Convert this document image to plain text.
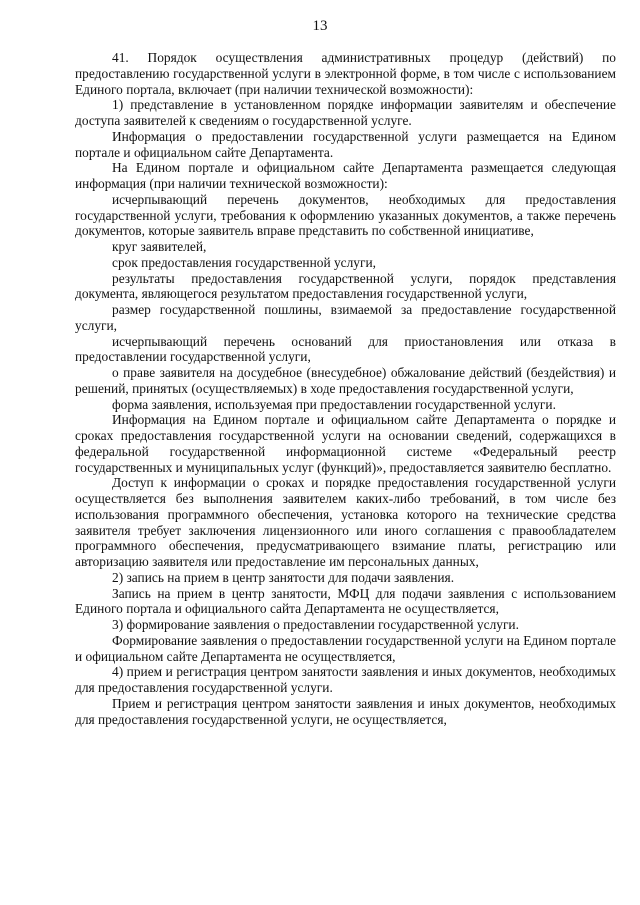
13

41. Порядок осуществления административных процедур (действий) по предоставлению государственной услуги в электронной форме, в том числе с использованием Единого портала, включает (при наличии технической возможности):

1) представление в установленном порядке информации заявителям и обеспечение доступа заявителей к сведениям о государственной услуге.

Информация о предоставлении государственной услуги размещается на Едином портале и официальном сайте Департамента.

На Едином портале и официальном сайте Департамента размещается следующая информация (при наличии технической возможности):

исчерпывающий перечень документов, необходимых для предоставления государственной услуги, требования к оформлению указанных документов, а также перечень документов, которые заявитель вправе представить по собственной инициативе,

круг заявителей,

срок предоставления государственной услуги,

результаты предоставления государственной услуги, порядок представления документа, являющегося результатом предоставления государственной услуги,

размер государственной пошлины, взимаемой за предоставление государственной услуги,

исчерпывающий перечень оснований для приостановления или отказа в предоставлении государственной услуги,

о праве заявителя на досудебное (внесудебное) обжалование действий (бездействия) и решений, принятых (осуществляемых) в ходе предоставления государственной услуги,

форма заявления, используемая при предоставлении государственной услуги.

Информация на Едином портале и официальном сайте Департамента о порядке и сроках предоставления государственной услуги на основании сведений, содержащихся в федеральной государственной информационной системе «Федеральный реестр государственных и муниципальных услуг (функций)», предоставляется заявителю бесплатно.

Доступ к информации о сроках и порядке предоставления государственной услуги осуществляется без выполнения заявителем каких-либо требований, в том числе без использования программного обеспечения, установка которого на технические средства заявителя требует заключения лицензионного или иного соглашения с правообладателем программного обеспечения, предусматривающего взимание платы, регистрацию или авторизацию заявителя или предоставление им персональных данных,

2) запись на прием в центр занятости для подачи заявления.

Запись на прием в центр занятости, МФЦ для подачи заявления с использованием Единого портала и официального сайта Департамента не осуществляется,

3) формирование заявления о предоставлении государственной услуги.

Формирование заявления о предоставлении государственной услуги на Едином портале и официальном сайте Департамента не осуществляется,

4) прием и регистрация центром занятости заявления и иных документов, необходимых для предоставления государственной услуги.

Прием и регистрация центром занятости заявления и иных документов, необходимых для предоставления государственной услуги, не осуществляется,
